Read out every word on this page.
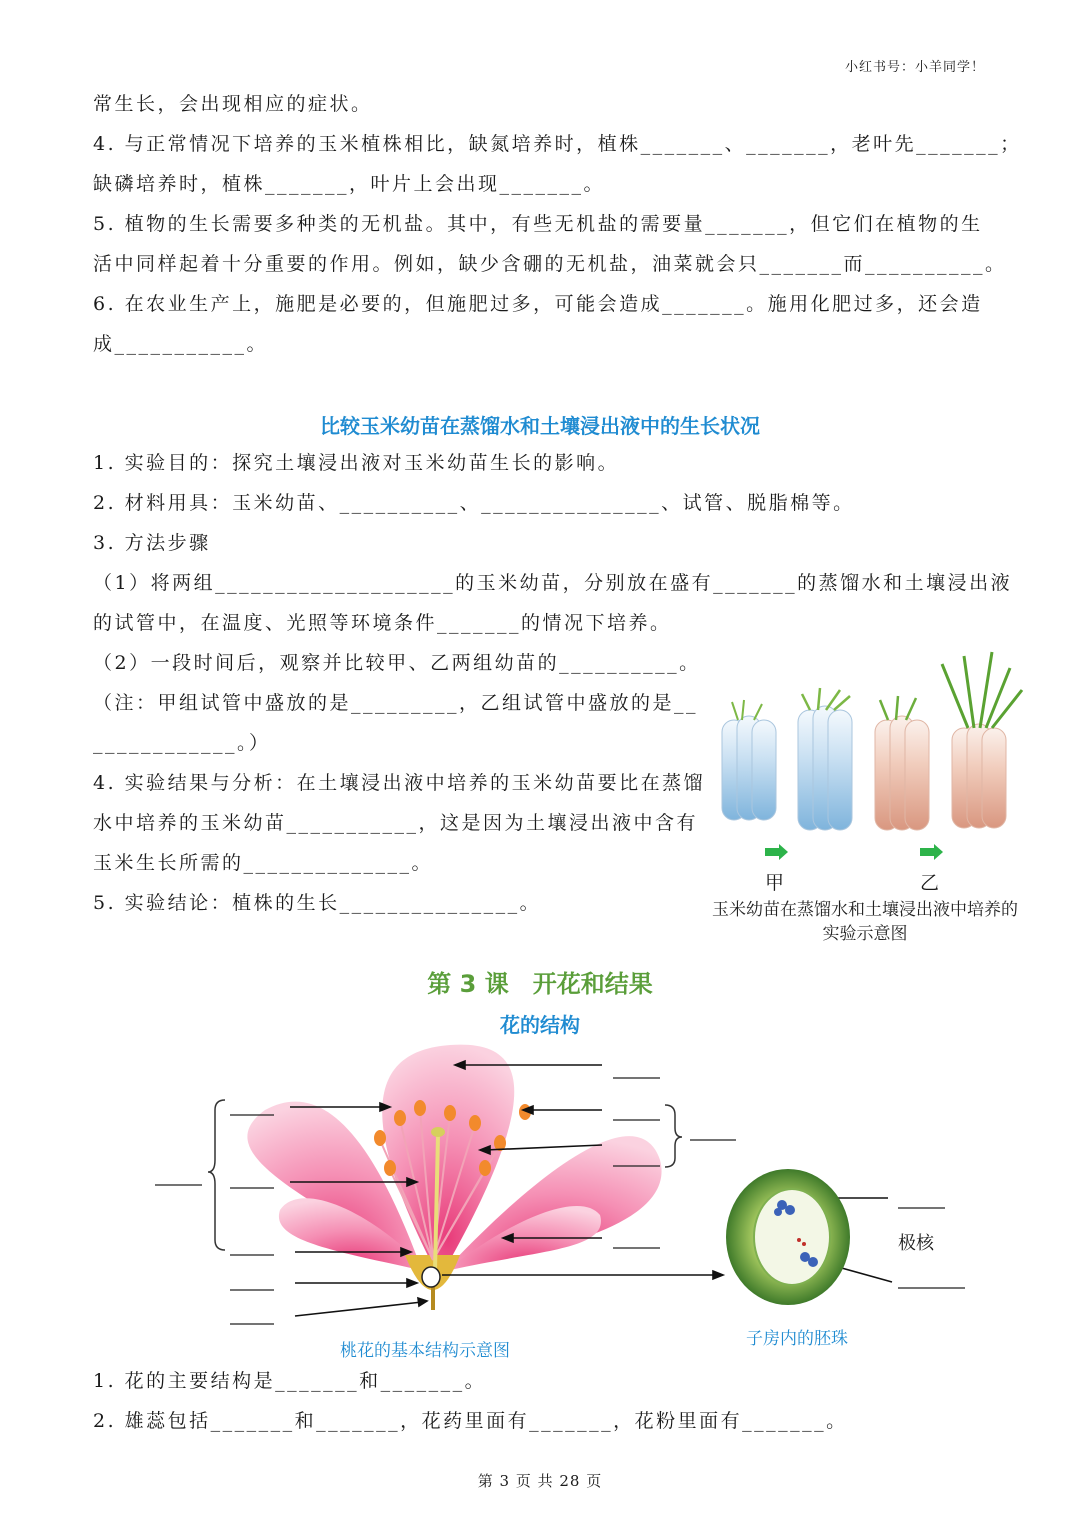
小红书号：小羊同学！
常生长，会出现相应的症状。
4. 与正常情况下培养的玉米植株相比，缺氮培养时，植株_______、_______，老叶先_______；
缺磷培养时，植株_______，叶片上会出现_______。
5. 植物的生长需要多种类的无机盐。其中，有些无机盐的需要量_______，但它们在植物的生
活中同样起着十分重要的作用。例如，缺少含硼的无机盐，油菜就会只_______而__________。
6. 在农业生产上，施肥是必要的，但施肥过多，可能会造成_______。施用化肥过多，还会造
成___________。
比较玉米幼苗在蒸馏水和土壤浸出液中的生长状况
1. 实验目的：探究土壤浸出液对玉米幼苗生长的影响。
2. 材料用具：玉米幼苗、__________、_______________、试管、脱脂棉等。
3. 方法步骤
（1）将两组____________________的玉米幼苗，分别放在盛有_______的蒸馏水和土壤浸出液
的试管中，在温度、光照等环境条件_______的情况下培养。
（2）一段时间后，观察并比较甲、乙两组幼苗的__________。
（注：甲组试管中盛放的是_________，乙组试管中盛放的是__
____________。）
4. 实验结果与分析：在土壤浸出液中培养的玉米幼苗要比在蒸馏
水中培养的玉米幼苗___________，这是因为土壤浸出液中含有
玉米生长所需的______________。
5. 实验结论：植株的生长_______________。
甲	乙
玉米幼苗在蒸馏水和土壤浸出液中培养的
实验示意图
第 3 课　开花和结果
花的结构
极核
桃花的基本结构示意图
子房内的胚珠
1. 花的主要结构是_______和_______。
2. 雄蕊包括_______和_______，花药里面有_______，花粉里面有_______。
第 3 页 共 28 页
